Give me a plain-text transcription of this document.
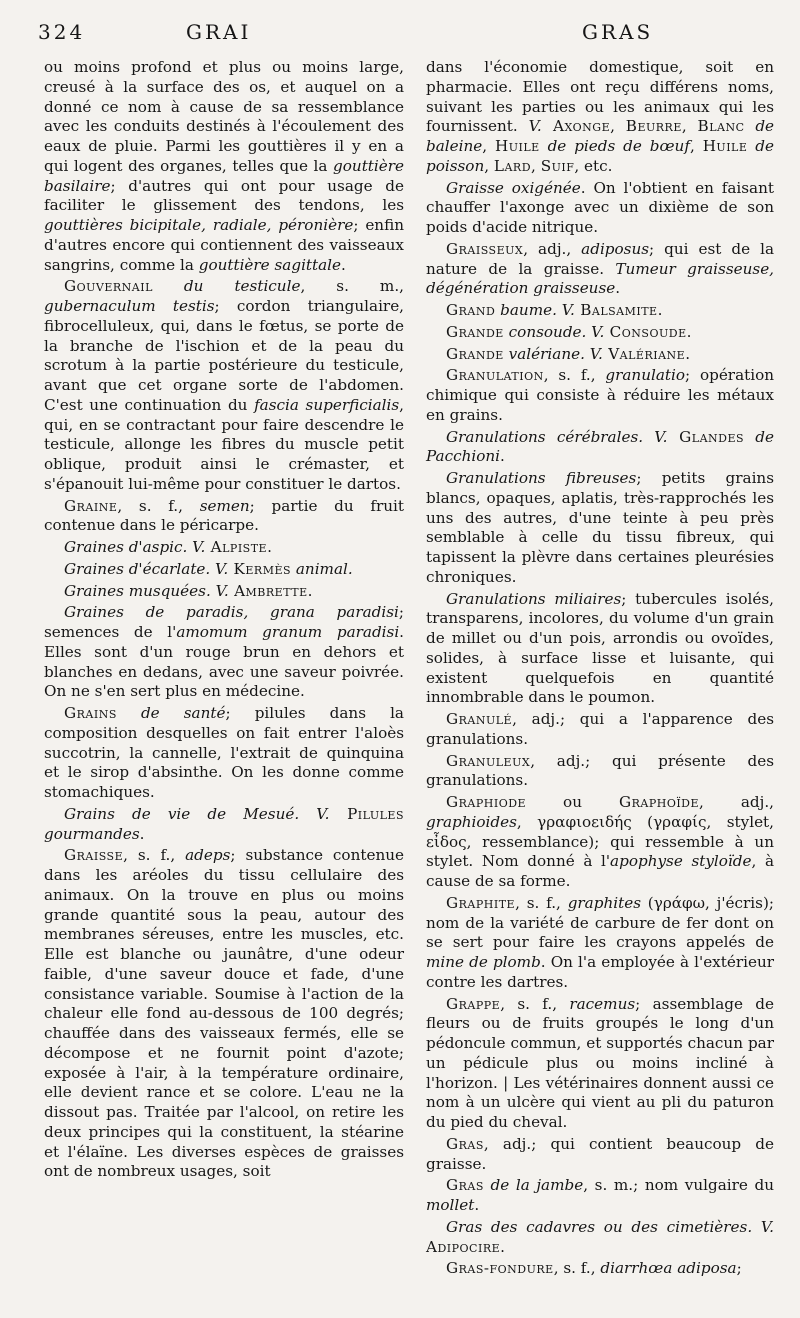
324	GRAI	GRAS

ou moins profond et plus ou moins large, creusé à la surface des os, et auquel on a donné ce nom à cause de sa ressemblance avec les conduits destinés à l'écoulement des eaux de pluie. Parmi les gouttières il y en a qui logent des organes, telles que la gouttière basilaire; d'autres qui ont pour usage de faciliter le glissement des tendons, les gouttières bicipitale, radiale, péronière; enfin d'autres encore qui contiennent des vaisseaux sangrins, comme la gouttière sagittale.

Gouvernail du testicule, s. m., gubernaculum testis; cordon triangulaire, fibrocelluleux, qui, dans le fœtus, se porte de la branche de l'ischion et de la peau du scrotum à la partie postérieure du testicule, avant que cet organe sorte de l'abdomen. C'est une continuation du fascia superficialis, qui, en se contractant pour faire descendre le testicule, allonge les fibres du muscle petit oblique, produit ainsi le crémaster, et s'épanouit lui-même pour constituer le dartos.

Graine, s. f., semen; partie du fruit contenue dans le péricarpe.

Graines d'aspic. V. Alpiste.

Graines d'écarlate. V. Kermès animal.

Graines musquées. V. Ambrette.

Graines de paradis, grana paradisi; semences de l'amomum granum paradisi. Elles sont d'un rouge brun en dehors et blanches en dedans, avec une saveur poivrée. On ne s'en sert plus en médecine.

Grains de santé; pilules dans la composition desquelles on fait entrer l'aloès succotrin, la cannelle, l'extrait de quinquina et le sirop d'absinthe. On les donne comme stomachiques.

Grains de vie de Mesué. V. Pilules gourmandes.

Graisse, s. f., adeps; substance contenue dans les aréoles du tissu cellulaire des animaux. On la trouve en plus ou moins grande quantité sous la peau, autour des membranes séreuses, entre les muscles, etc. Elle est blanche ou jaunâtre, d'une odeur faible, d'une saveur douce et fade, d'une consistance variable. Soumise à l'action de la chaleur elle fond au-dessous de 100 degrés; chauffée dans des vaisseaux fermés, elle se décompose et ne fournit point d'azote; exposée à l'air, à la température ordinaire, elle devient rance et se colore. L'eau ne la dissout pas. Traitée par l'alcool, on retire les deux principes qui la constituent, la stéarine et l'élaïne. Les diverses espèces de graisses ont de nombreux usages, soit

dans l'économie domestique, soit en pharmacie. Elles ont reçu différens noms, suivant les parties ou les animaux qui les fournissent. V. Axonge, Beurre, Blanc de baleine, Huile de pieds de bœuf, Huile de poisson, Lard, Suif, etc.

Graisse oxigénée. On l'obtient en faisant chauffer l'axonge avec un dixième de son poids d'acide nitrique.

Graisseux, adj., adiposus; qui est de la nature de la graisse. Tumeur graisseuse, dégénération graisseuse.

Grand baume. V. Balsamite.

Grande consoude. V. Consoude.

Grande valériane. V. Valériane.

Granulation, s. f., granulatio; opération chimique qui consiste à réduire les métaux en grains.

Granulations cérébrales. V. Glandes de Pacchioni.

Granulations fibreuses; petits grains blancs, opaques, aplatis, très-rapprochés les uns des autres, d'une teinte à peu près semblable à celle du tissu fibreux, qui tapissent la plèvre dans certaines pleurésies chroniques.

Granulations miliaires; tubercules isolés, transparens, incolores, du volume d'un grain de millet ou d'un pois, arrondis ou ovoïdes, solides, à surface lisse et luisante, qui existent quelquefois en quantité innombrable dans le poumon.

Granulé, adj.; qui a l'apparence des granulations.

Granuleux, adj.; qui présente des granulations.

Graphiode ou Graphoïde, adj., graphioides, γραφιοειδής (γραφίς, stylet, εἶδος, ressemblance); qui ressemble à un stylet. Nom donné à l'apophyse styloïde, à cause de sa forme.

Graphite, s. f., graphites (γράφω, j'écris); nom de la variété de carbure de fer dont on se sert pour faire les crayons appelés de mine de plomb. On l'a employée à l'extérieur contre les dartres.

Grappe, s. f., racemus; assemblage de fleurs ou de fruits groupés le long d'un pédoncule commun, et supportés chacun par un pédicule plus ou moins incliné à l'horizon. | Les vétérinaires donnent aussi ce nom à un ulcère qui vient au pli du paturon du pied du cheval.

Gras, adj.; qui contient beaucoup de graisse.

Gras de la jambe, s. m.; nom vulgaire du mollet.

Gras des cadavres ou des cimetières. V. Adipocire.

Gras-fondure, s. f., diarrhœa adiposa;
